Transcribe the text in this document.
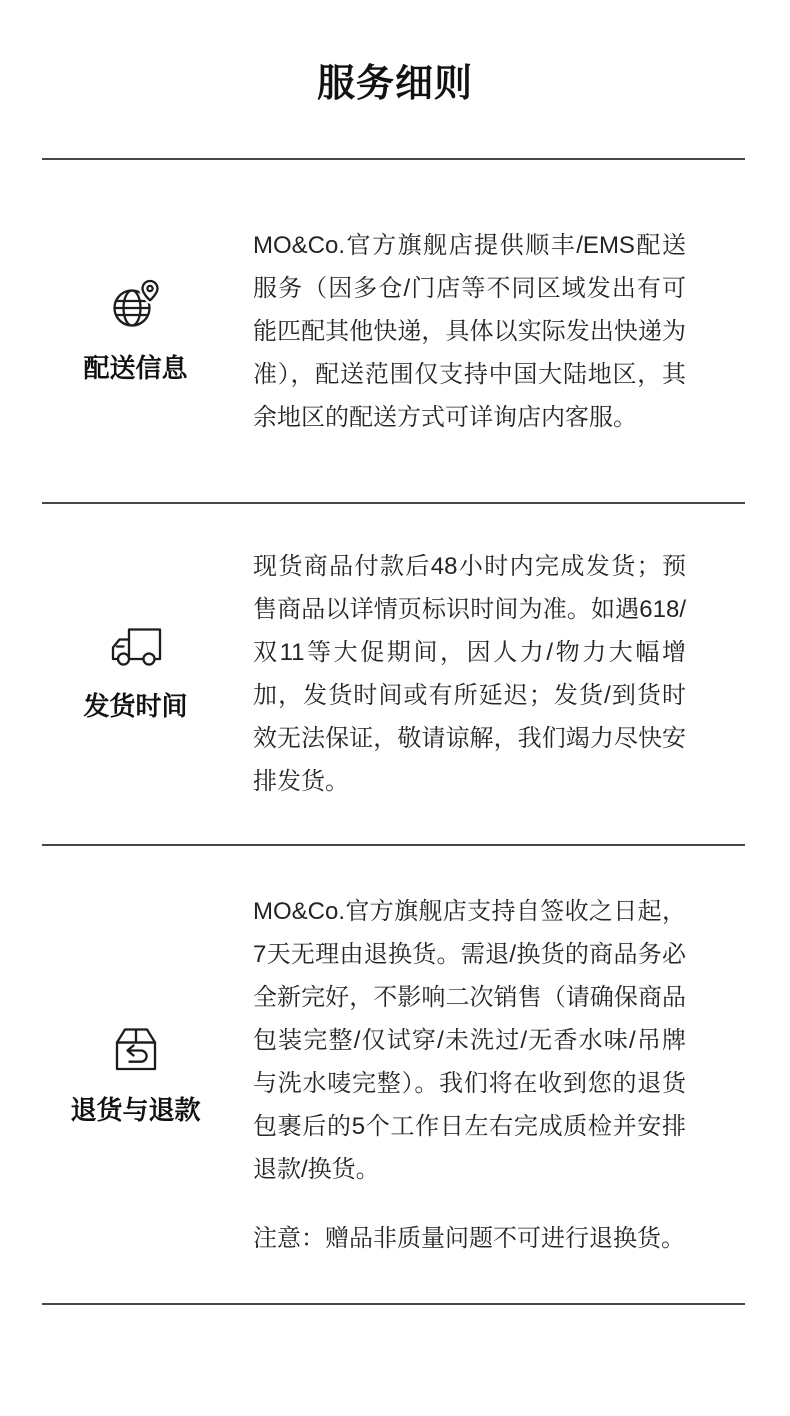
服务细则
配送信息

MO&Co.官方旗舰店提供顺丰/EMS配送服务（因多仓/门店等不同区域发出有可能匹配其他快递，具体以实际发出快递为准），配送范围仅支持中国大陆地区，其余地区的配送方式可详询店内客服。

发货时间

现货商品付款后48小时内完成发货；预售商品以详情页标识时间为准。如遇618/双11等大促期间，因人力/物力大幅增加，发货时间或有所延迟；发货/到货时效无法保证，敬请谅解，我们竭力尽快安排发货。

退货与退款

MO&Co.官方旗舰店支持自签收之日起，7天无理由退换货。需退/换货的商品务必全新完好，不影响二次销售（请确保商品包装完整/仅试穿/未洗过/无香水味/吊牌与洗水唛完整）。我们将在收到您的退货包裹后的5个工作日左右完成质检并安排退款/换货。

注意：赠品非质量问题不可进行退换货。
